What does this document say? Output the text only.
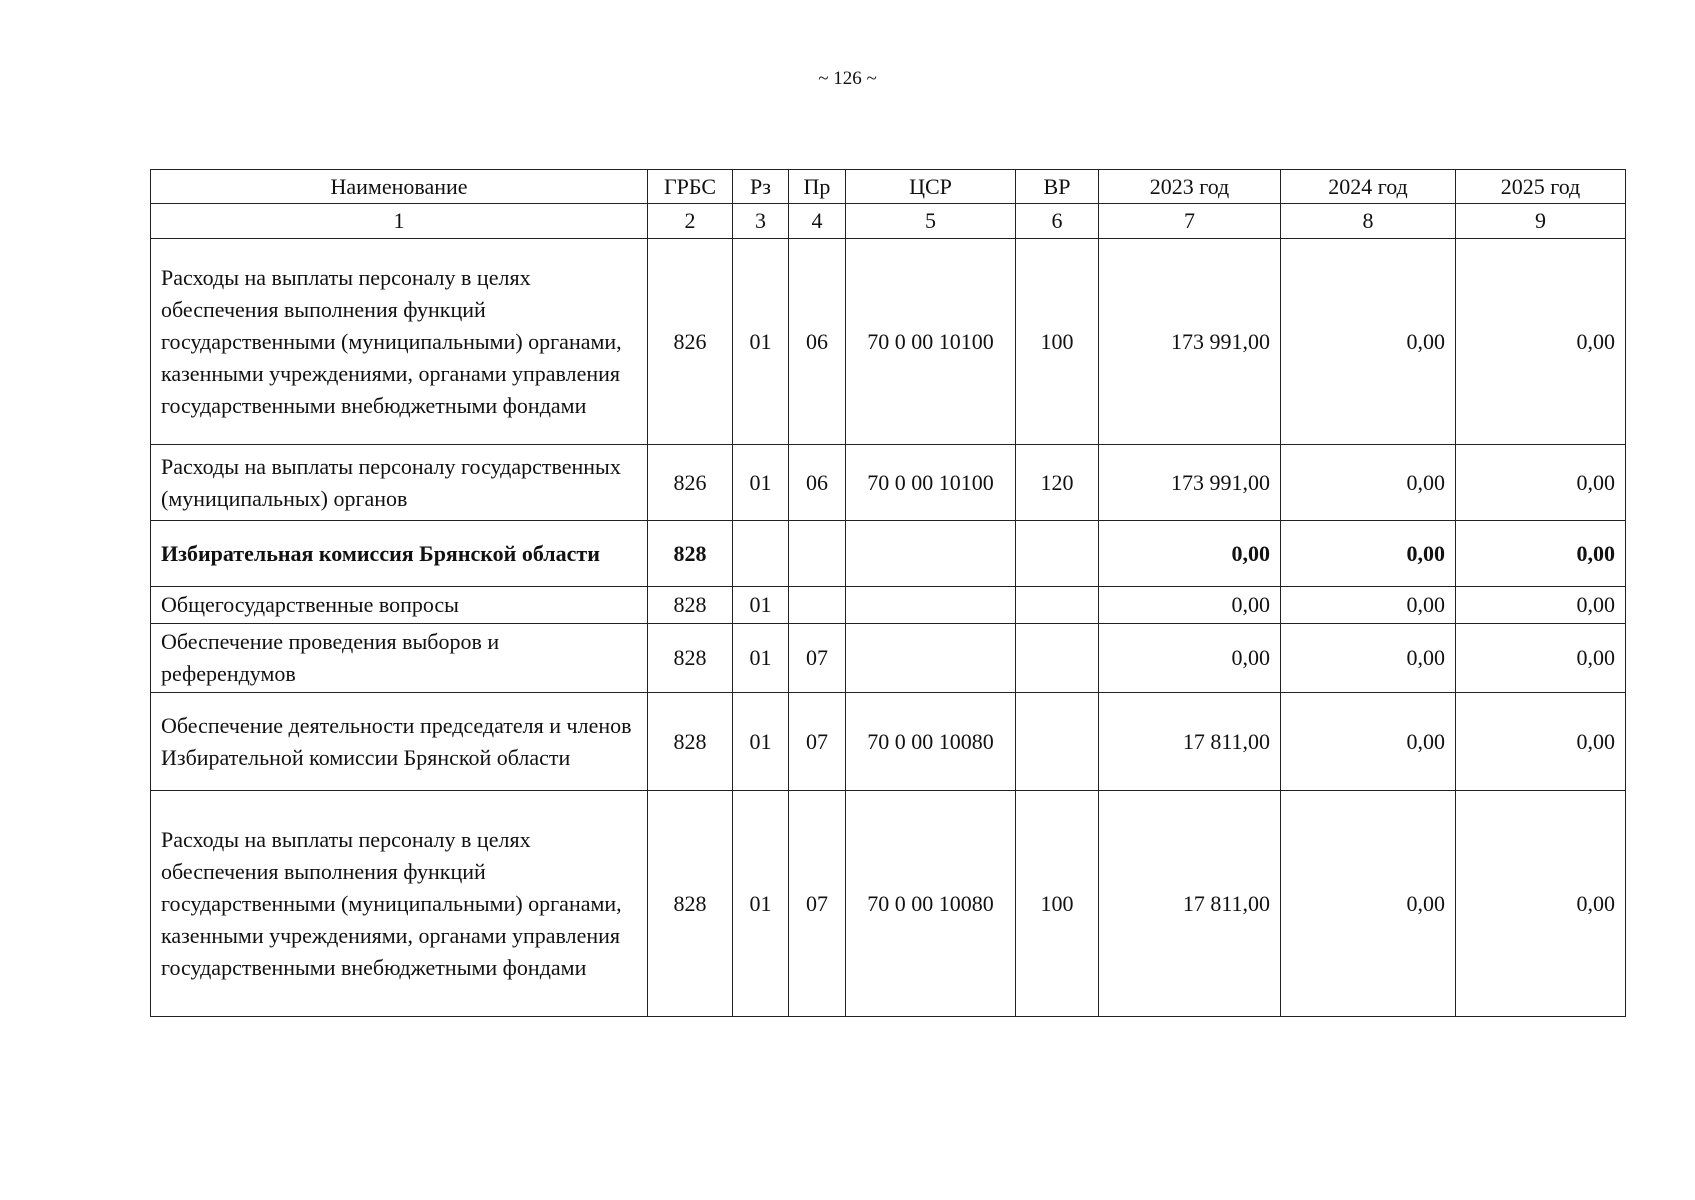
~ 126 ~
Наименование	ГРБС	Рз	Пр	ЦСР	ВР	2023 год	2024 год	2025 год
1	2	3	4	5	6	7	8	9
Расходы на выплаты персоналу в целях обеспечения выполнения функций государственными (муниципальными) органами, казенными учреждениями, органами управления государственными внебюджетными фондами	826	01	06	70 0 00 10100	100	173 991,00	0,00	0,00
Расходы на выплаты персоналу государственных (муниципальных) органов	826	01	06	70 0 00 10100	120	173 991,00	0,00	0,00
Избирательная комиссия Брянской области	828					0,00	0,00	0,00
Общегосударственные вопросы	828	01				0,00	0,00	0,00
Обеспечение проведения выборов и референдумов	828	01	07			0,00	0,00	0,00
Обеспечение деятельности председателя и членов Избирательной комиссии Брянской области	828	01	07	70 0 00 10080		17 811,00	0,00	0,00
Расходы на выплаты персоналу в целях обеспечения выполнения функций государственными (муниципальными) органами, казенными учреждениями, органами управления государственными внебюджетными фондами	828	01	07	70 0 00 10080	100	17 811,00	0,00	0,00
